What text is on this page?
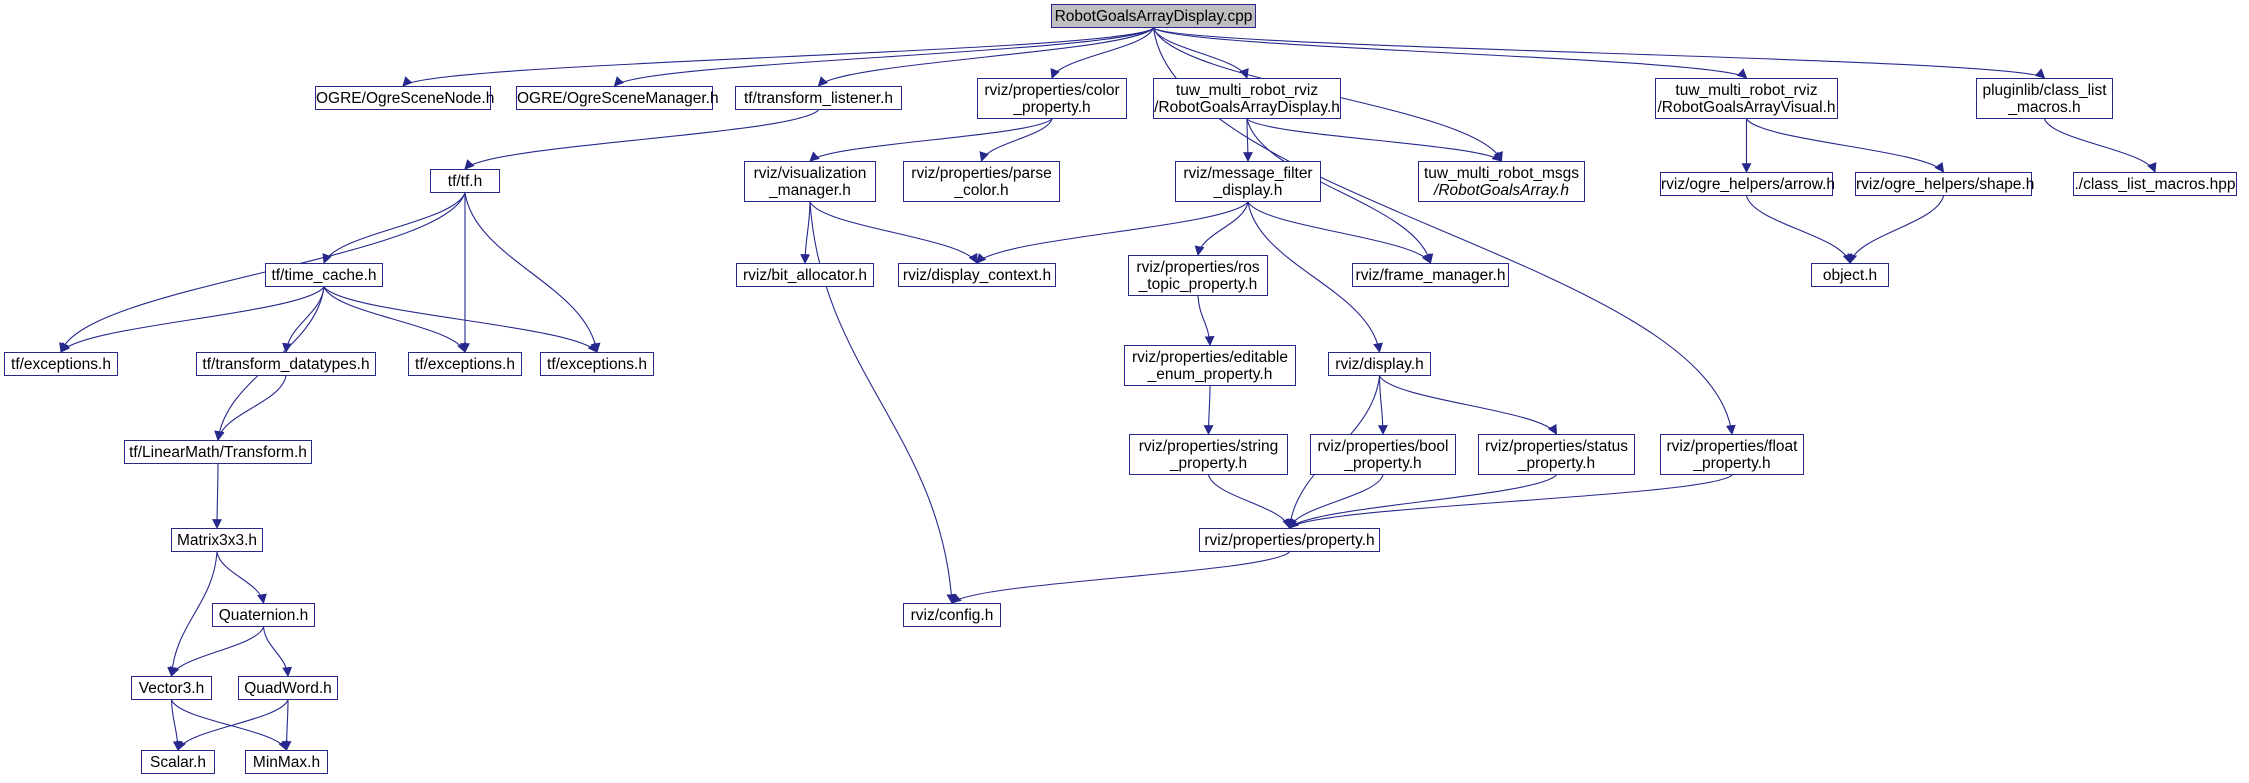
RobotGoalsArrayDisplay.cpp
OGRE/OgreSceneNode.h OGRE/OgreSceneManager.h	tf/transform_listener.h	rviz/properties/color
_property.h
tuw_multi_robot_rviz
/RobotGoalsArrayDisplay.h
tuw_multi_robot_rviz
/RobotGoalsArrayVisual.h
pluginlib/class_list
_macros.h
tf/tf.h	rviz/visualization
_manager.h
rviz/properties/parse
_color.h
rviz/message_filter
_display.h
tuw_multi_robot_msgs
/RobotGoalsArray.h	rviz/ogre_helpers/arrow.h rviz/ogre_helpers/shape.h	./class_list_macros.hpp
tf/time_cache.h	rviz/bit_allocator.h	rviz/display_context.h	rviz/properties/ros
_topic_property.h
rviz/frame_manager.h	object.h
tf/exceptions.h	tf/transform_datatypes.h	tf/exceptions.h	tf/exceptions.h	rviz/properties/editable
_enum_property.h
rviz/display.h
tf/LinearMath/Transform.h	rviz/properties/string
_property.h
rviz/properties/bool
_property.h
rviz/properties/status
_property.h
rviz/properties/float
_property.h
Matrix3x3.h	rviz/properties/property.h
Quaternion.h	rviz/config.h
Vector3.h	QuadWord.h
Scalar.h	MinMax.h
